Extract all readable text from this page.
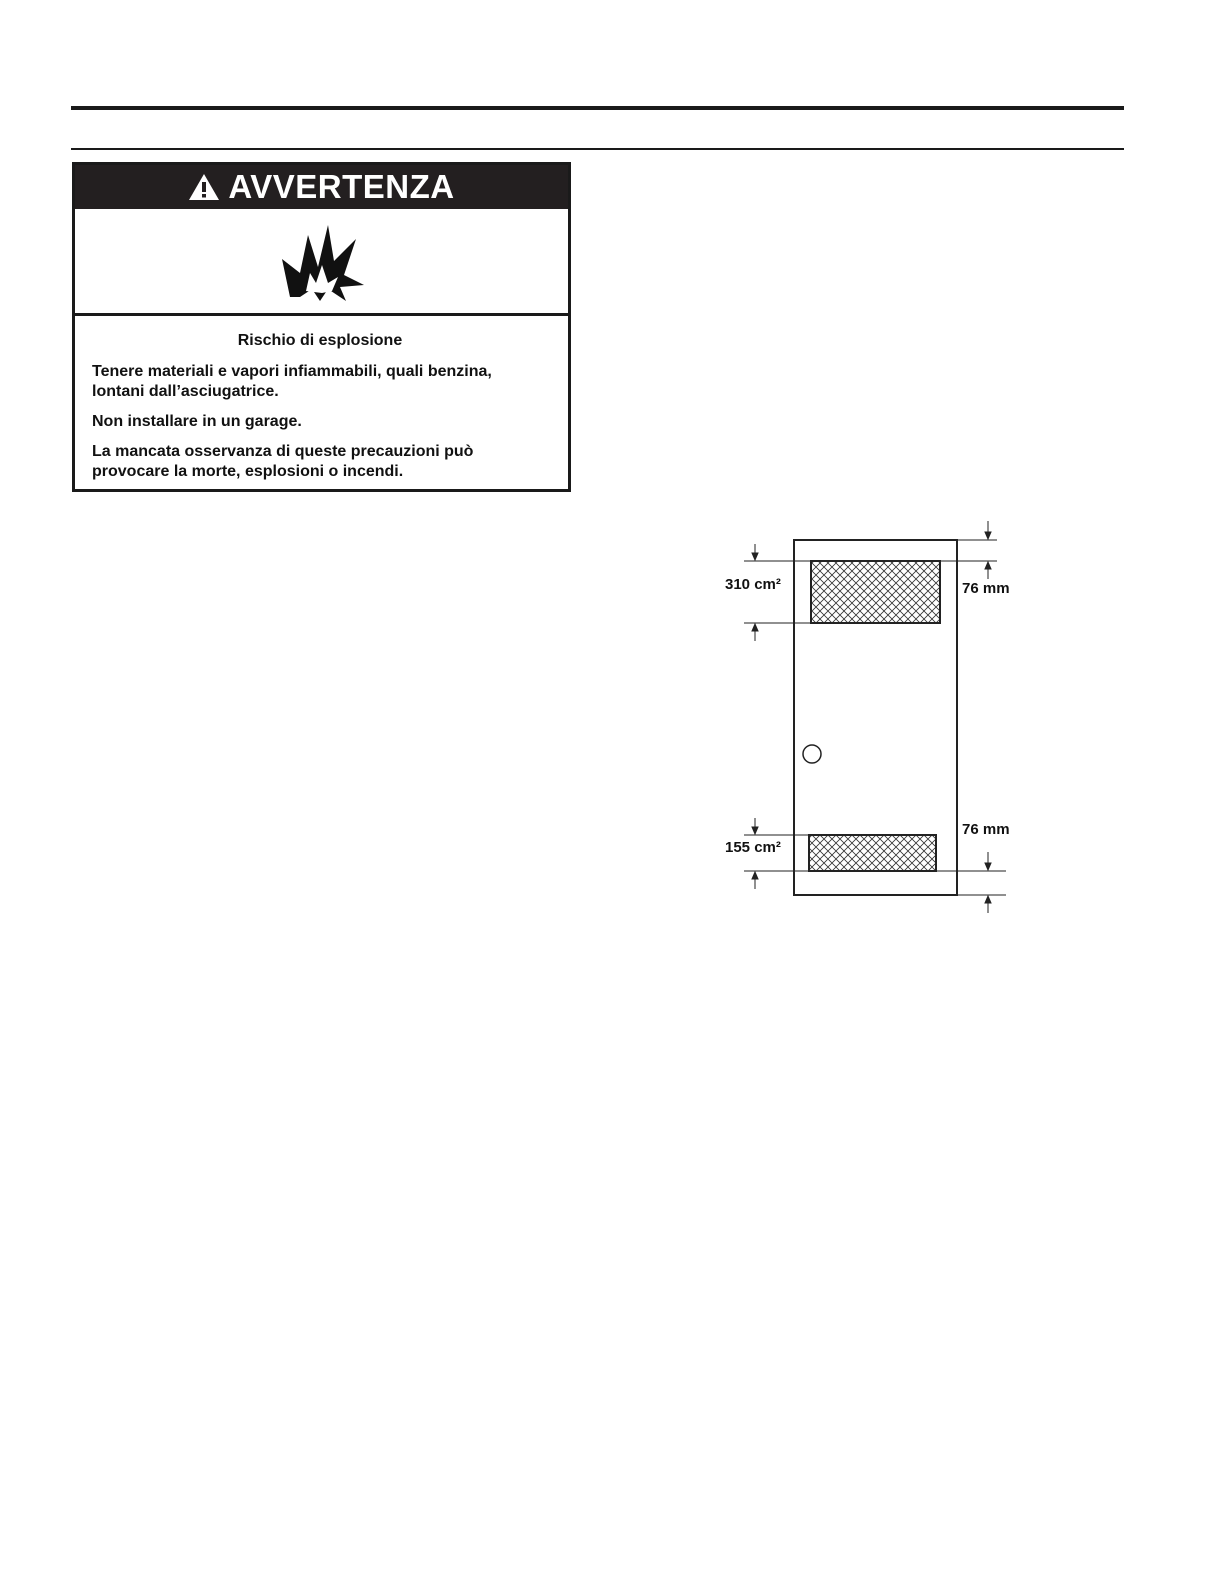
AVVERTENZA

Rischio di esplosione

Tenere materiali e vapori infiammabili, quali benzina, lontani dall’asciugatrice.

Non installare in un garage.

La mancata osservanza di queste precauzioni può provocare la morte, esplosioni o incendi.

310 cm²
155 cm²
76 mm
76 mm
